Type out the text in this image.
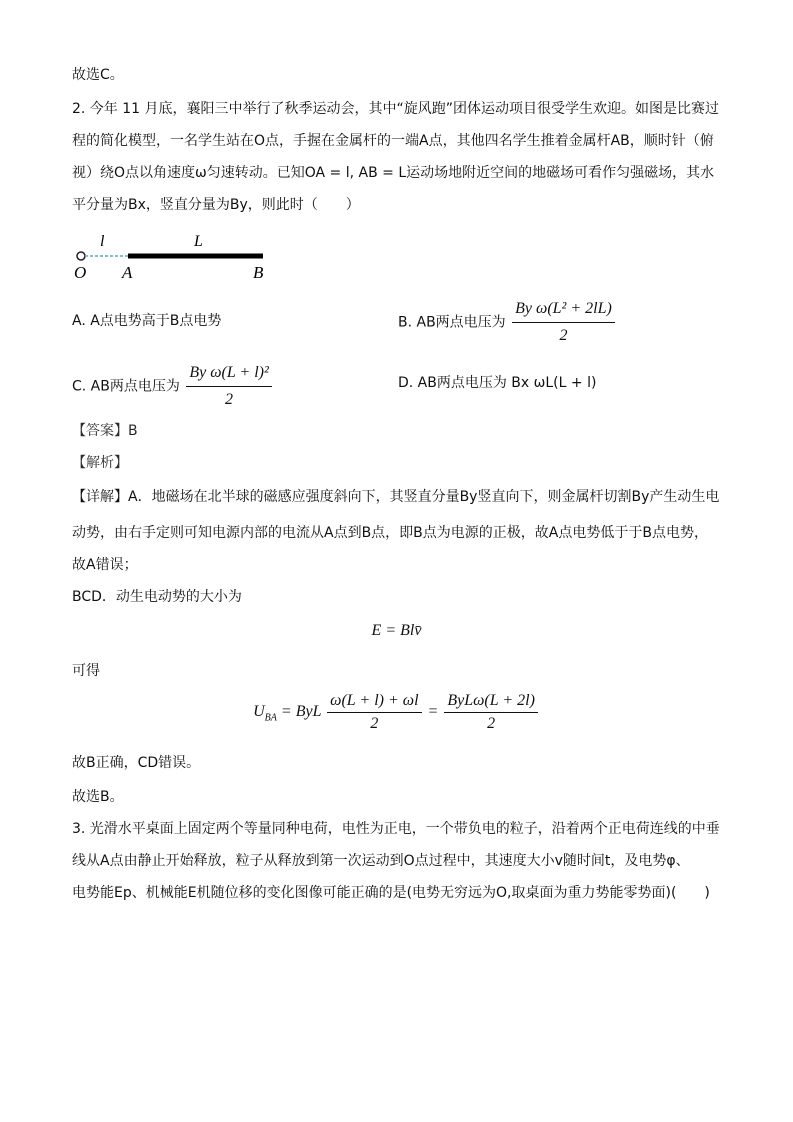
故选C。
2. 今年 11 月底，襄阳三中举行了秋季运动会，其中“旋风跑”团体运动项目很受学生欢迎。如图是比赛过
程的简化模型，一名学生站在O点，手握在金属杆的一端A点，其他四名学生推着金属杆AB，顺时针（俯
视）绕O点以角速度ω匀速转动。已知OA = l, AB = L运动场地附近空间的地磁场可看作匀强磁场，其水
平分量为Bx，竖直分量为By，则此时（　　）
l	L
O A	B
A. A点电势高于B点电势	B. AB两点电压为 $\frac{\text{By ω(L² + 2lL)}}{2}$
C. AB两点电压为 $\frac{\text{By ω(L + l)²}}{2}$	D. AB两点电压为 Bx ωL(L + l)
【答案】B
【解析】
【详解】A．地磁场在北半球的磁感应强度斜向下，其竖直分量By竖直向下，则金属杆切割By产生动生电
动势，由右手定则可知电源内部的电流从A点到B点，即B点为电源的正极，故A点电势低于于B点电势，
故A错误；
BCD．动生电动势的大小为
E = Blv̄
可得
$U_{BA}$ = ByL $\frac{\omega(L + l) + \omega l}{2} = \frac{\text{ByLω(L + 2l)}}{2}$
故B正确，CD错误。
故选B。
3. 光滑水平桌面上固定两个等量同种电荷，电性为正电，一个带负电的粒子，沿着两个正电荷连线的中垂
线从A点由静止开始释放，粒子从释放到第一次运动到O点过程中，其速度大小v随时间t，及电势φ、
电势能Ep、机械能E机随位移的变化图像可能正确的是(电势无穷远为O,取桌面为重力势能零势面)(　　)
